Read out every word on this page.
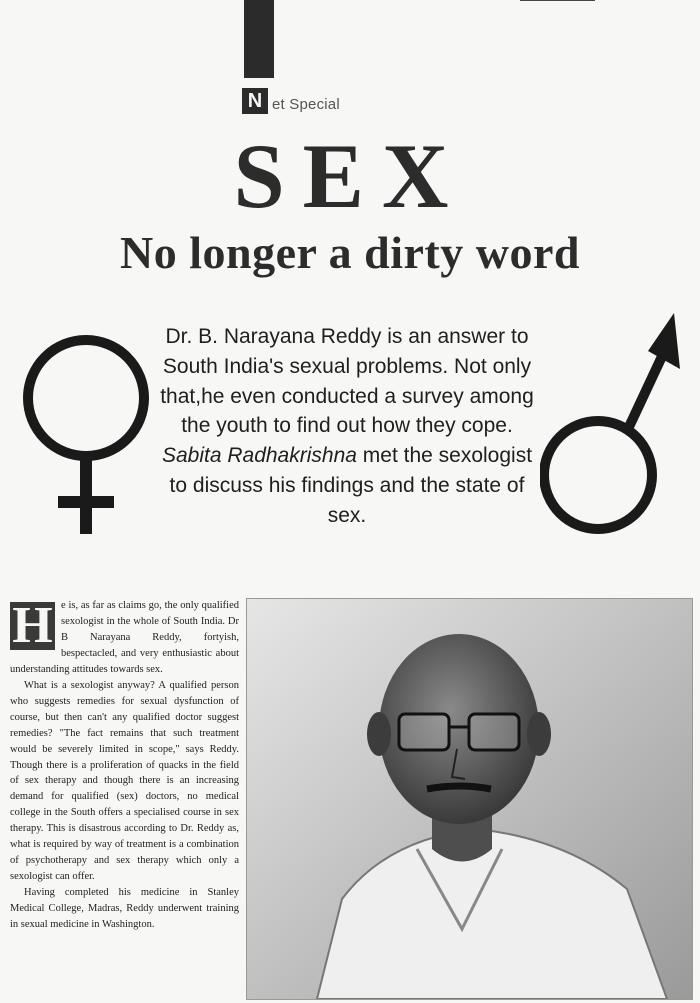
N et Special
SEX
No longer a dirty word

Dr. B. Narayana Reddy is an answer to South India's sexual problems. Not only that,he even conducted a survey among the youth to find out how they cope.

Sabita Radhakrishna met the sexologist to discuss his findings and the state of sex.

H e is, as far as claims go, the only qualified sexologist in the whole of South India. Dr B Narayana Reddy, fortyish, bespectacled, and very enthusiastic about understanding attitudes towards sex.

What is a sexologist anyway? A qualified person who suggests remedies for sexual dysfunction of course, but then can't any qualified doctor suggest remedies? "The fact remains that such treatment would be severely limited in scope," says Reddy. Though there is a proliferation of quacks in the field of sex therapy and though there is an increasing demand for qualified (sex) doctors, no medical college in the South offers a specialised course in sex therapy. This is disastrous according to Dr. Reddy as, what is required by way of treatment is a combination of psychotherapy and sex therapy which only a sexologist can offer.

Having completed his medicine in Stanley Medical College, Madras, Reddy underwent training in sexual medicine in Washington.
